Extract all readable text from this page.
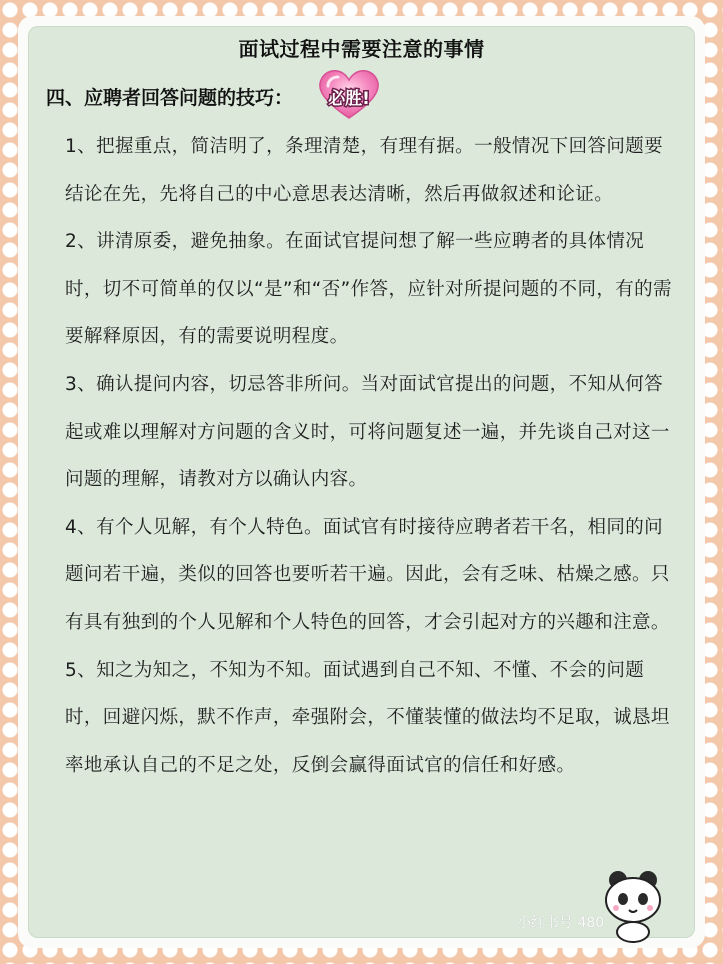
面试过程中需要注意的事情
四、应聘者回答问题的技巧： 必胜!

1、把握重点，简洁明了，条理清楚，有理有据。一般情况下回答问题要结论在先，先将自己的中心意思表达清晰，然后再做叙述和论证。

2、讲清原委，避免抽象。在面试官提问想了解一些应聘者的具体情况时，切不可简单的仅以“是”和“否”作答，应针对所提问题的不同，有的需要解释原因，有的需要说明程度。

3、确认提问内容，切忌答非所问。当对面试官提出的问题，不知从何答起或难以理解对方问题的含义时，可将问题复述一遍，并先谈自己对这一问题的理解，请教对方以确认内容。

4、有个人见解，有个人特色。面试官有时接待应聘者若干名，相同的问题问若干遍，类似的回答也要听若干遍。因此，会有乏味、枯燥之感。只有具有独到的个人见解和个人特色的回答，才会引起对方的兴趣和注意。

5、知之为知之，不知为不知。面试遇到自己不知、不懂、不会的问题时，回避闪烁，默不作声，牵强附会，不懂装懂的做法均不足取，诚恳坦率地承认自己的不足之处，反倒会赢得面试官的信任和好感。

小红书号 480
